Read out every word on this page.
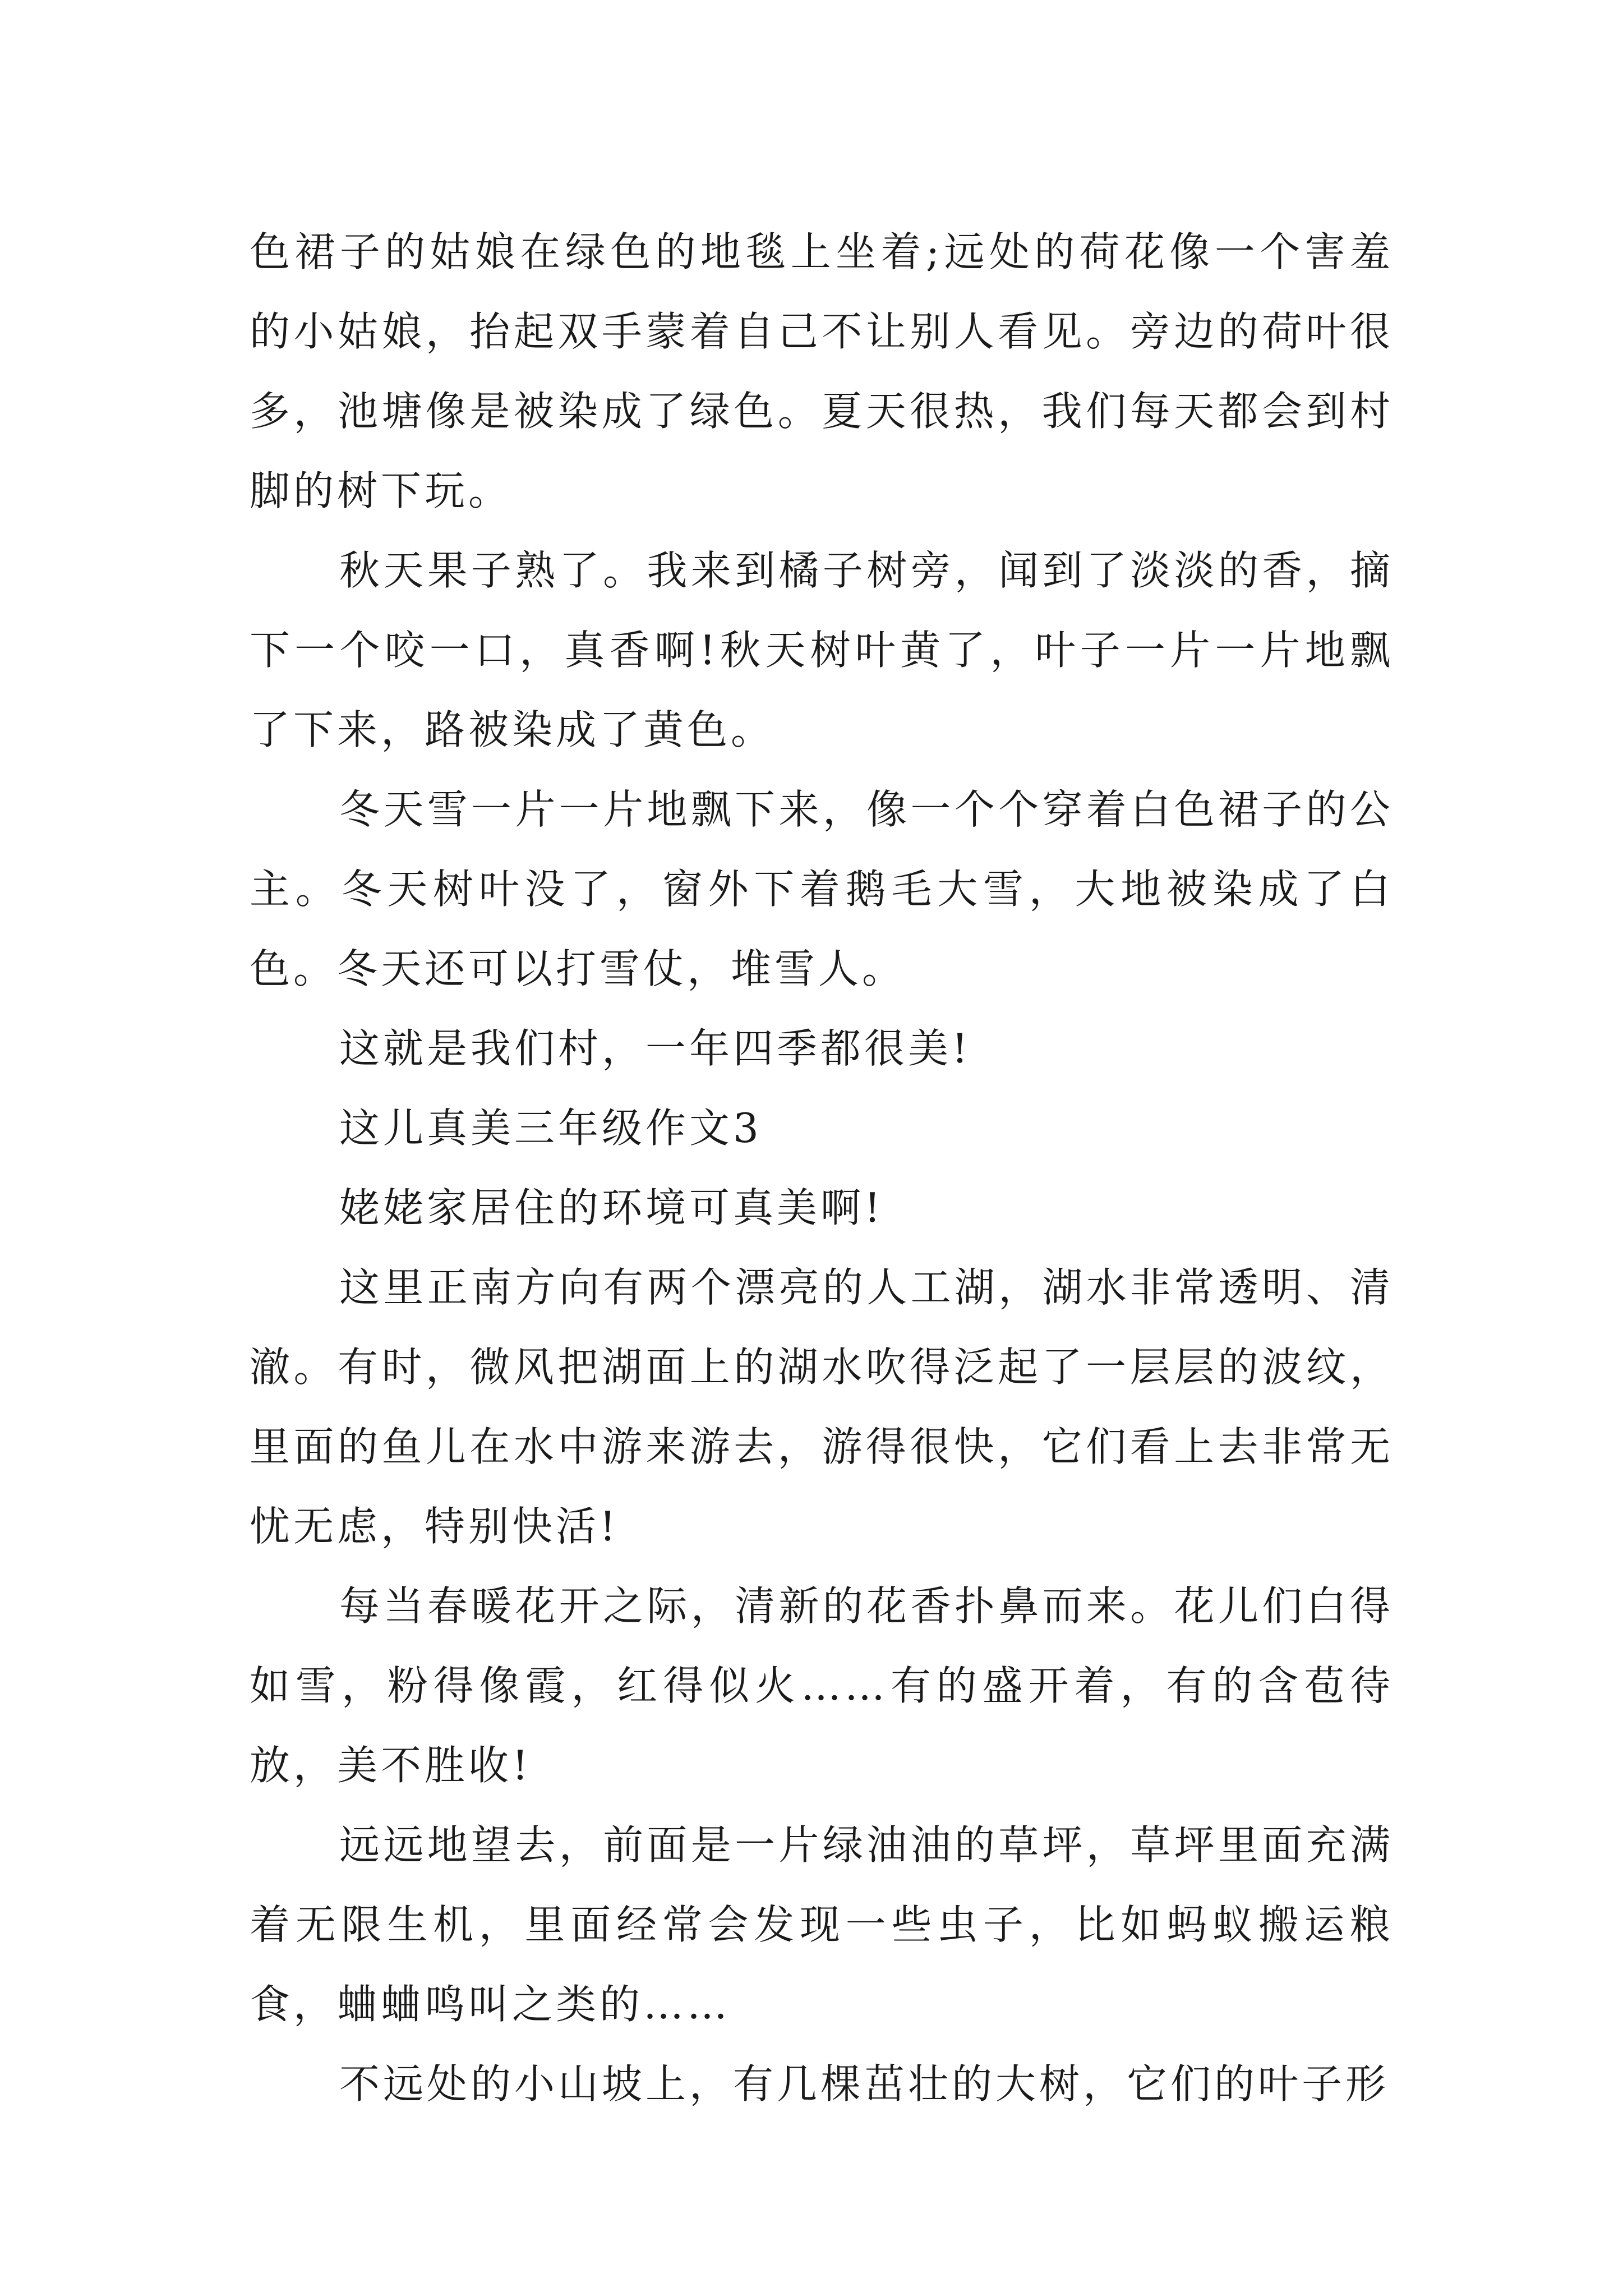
色裙子的姑娘在绿色的地毯上坐着;远处的荷花像一个害羞的小姑娘，抬起双手蒙着自己不让别人看见。旁边的荷叶很多，池塘像是被染成了绿色。夏天很热，我们每天都会到村脚的树下玩。

秋天果子熟了。我来到橘子树旁，闻到了淡淡的香，摘下一个咬一口，真香啊!秋天树叶黄了，叶子一片一片地飘了下来，路被染成了黄色。

冬天雪一片一片地飘下来，像一个个穿着白色裙子的公主。冬天树叶没了，窗外下着鹅毛大雪，大地被染成了白色。冬天还可以打雪仗，堆雪人。

这就是我们村，一年四季都很美!

这儿真美三年级作文3

姥姥家居住的环境可真美啊!

这里正南方向有两个漂亮的人工湖，湖水非常透明、清澈。有时，微风把湖面上的湖水吹得泛起了一层层的波纹，里面的鱼儿在水中游来游去，游得很快，它们看上去非常无忧无虑，特别快活!

每当春暖花开之际，清新的花香扑鼻而来。花儿们白得如雪，粉得像霞，红得似火……有的盛开着，有的含苞待放，美不胜收!

远远地望去，前面是一片绿油油的草坪，草坪里面充满着无限生机，里面经常会发现一些虫子，比如蚂蚁搬运粮食，蛐蛐鸣叫之类的……

不远处的小山坡上，有几棵茁壮的大树，它们的叶子形
